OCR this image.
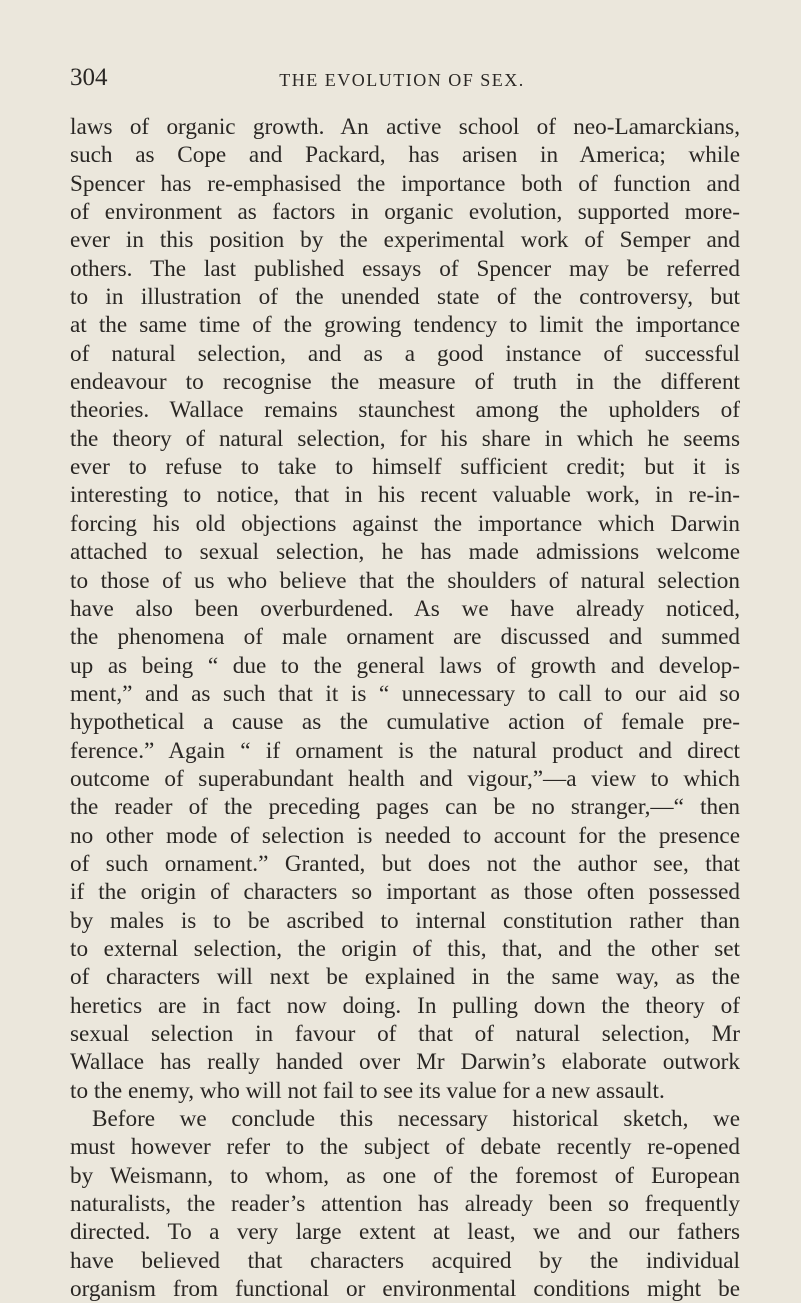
304	THE EVOLUTION OF SEX.
laws of organic growth. An active school of neo-Lamarckians,
such as Cope and Packard, has arisen in America; while
Spencer has re-emphasised the importance both of function and
of environment as factors in organic evolution, supported more-
ever in this position by the experimental work of Semper and
others. The last published essays of Spencer may be referred
to in illustration of the unended state of the controversy, but
at the same time of the growing tendency to limit the importance
of natural selection, and as a good instance of successful
endeavour to recognise the measure of truth in the different
theories. Wallace remains staunchest among the upholders of
the theory of natural selection, for his share in which he seems
ever to refuse to take to himself sufficient credit; but it is
interesting to notice, that in his recent valuable work, in re-in-
forcing his old objections against the importance which Darwin
attached to sexual selection, he has made admissions welcome
to those of us who believe that the shoulders of natural selection
have also been overburdened. As we have already noticed,
the phenomena of male ornament are discussed and summed
up as being “ due to the general laws of growth and develop-
ment,” and as such that it is “ unnecessary to call to our aid so
hypothetical a cause as the cumulative action of female pre-
ference.” Again “ if ornament is the natural product and direct
outcome of superabundant health and vigour,”—a view to which
the reader of the preceding pages can be no stranger,—“ then
no other mode of selection is needed to account for the presence
of such ornament.” Granted, but does not the author see, that
if the origin of characters so important as those often possessed
by males is to be ascribed to internal constitution rather than
to external selection, the origin of this, that, and the other set
of characters will next be explained in the same way, as the
heretics are in fact now doing. In pulling down the theory of
sexual selection in favour of that of natural selection, Mr
Wallace has really handed over Mr Darwin’s elaborate outwork
to the enemy, who will not fail to see its value for a new assault.
Before we conclude this necessary historical sketch, we
must however refer to the subject of debate recently re-opened
by Weismann, to whom, as one of the foremost of European
naturalists, the reader’s attention has already been so frequently
directed. To a very large extent at least, we and our fathers
have believed that characters acquired by the individual
organism from functional or environmental conditions might be
